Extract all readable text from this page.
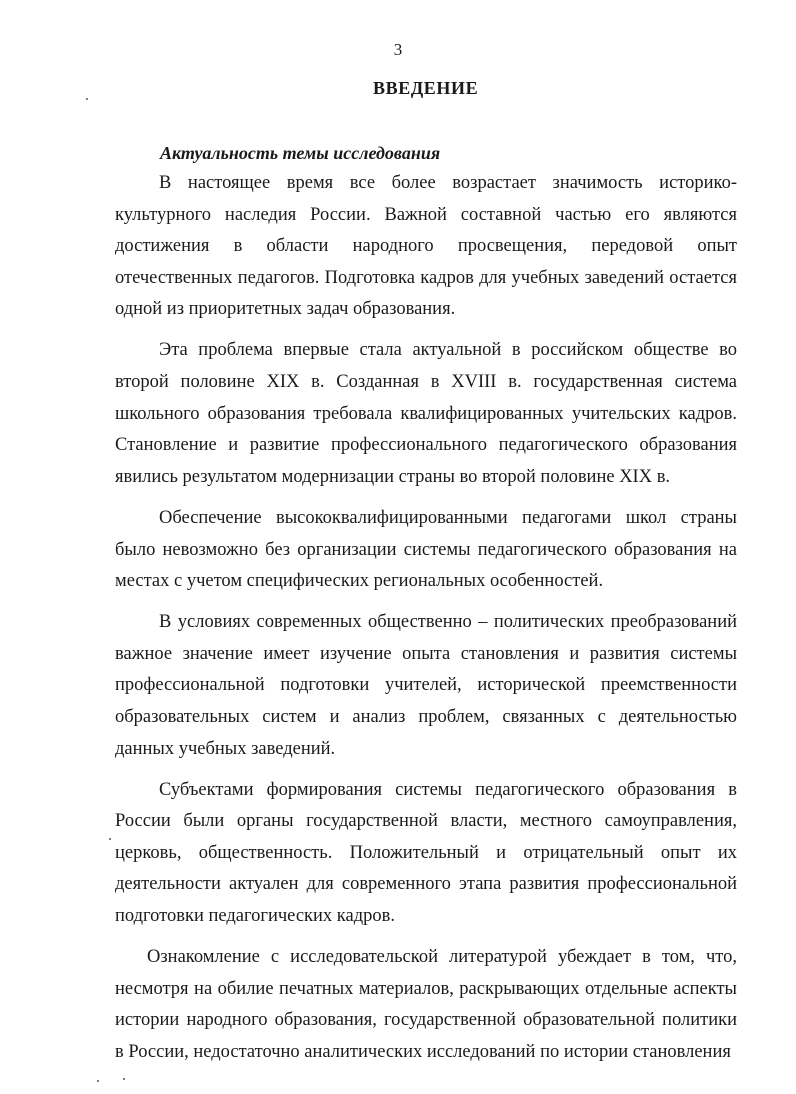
3

ВВЕДЕНИЕ
Актуальность темы исследования

В настоящее время все более возрастает значимость историко-культурного наследия России. Важной составной частью его являются достижения в области народного просвещения, передовой опыт отечественных педагогов. Подготовка кадров для учебных заведений остается одной из приоритетных задач образования.

Эта проблема впервые стала актуальной в российском обществе во второй половине XIX в. Созданная в XVIII в. государственная система школьного образования требовала квалифицированных учительских кадров. Становление и развитие профессионального педагогического образования явились результатом модернизации страны во второй половине XIX в.

Обеспечение высококвалифицированными педагогами школ страны было невозможно без организации системы педагогического образования на местах с учетом специфических региональных особенностей.

В условиях современных общественно – политических преобразований важное значение имеет изучение опыта становления и развития системы профессиональной подготовки учителей, исторической преемственности образовательных систем и анализ проблем, связанных с деятельностью данных учебных заведений.

Субъектами формирования системы педагогического образования в России были органы государственной власти, местного самоуправления, церковь, общественность. Положительный и отрицательный опыт их деятельности актуален для современного этапа развития профессиональной подготовки педагогических кадров.

Ознакомление с исследовательской литературой убеждает в том, что, несмотря на обилие печатных материалов, раскрывающих отдельные аспекты истории народного образования, государственной образовательной политики в России, недостаточно аналитических исследований по истории становления
